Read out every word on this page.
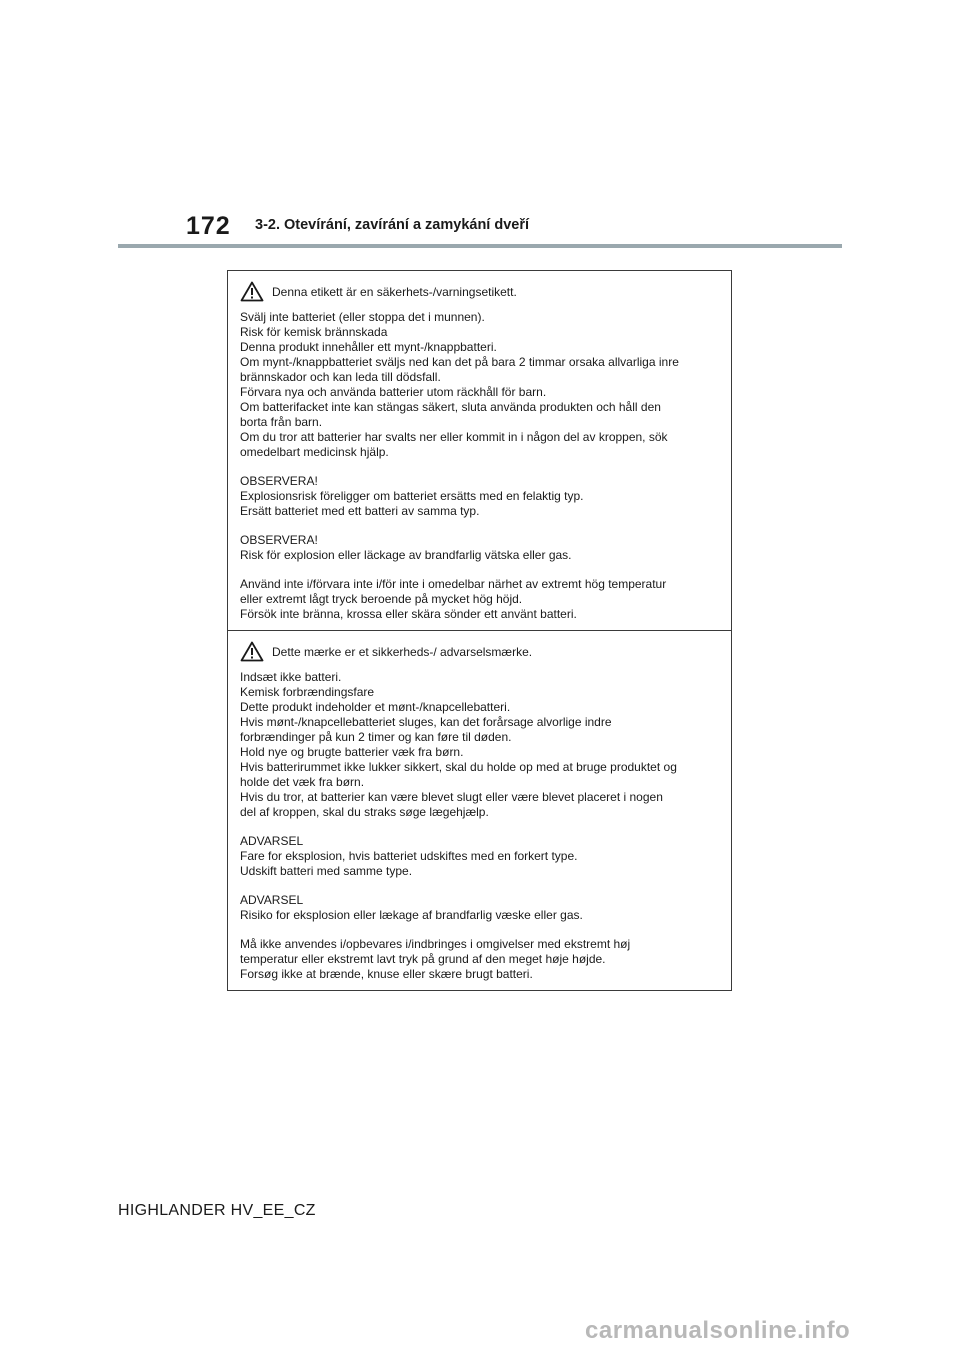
172 3-2. Otevírání, zavírání a zamykání dveří
Denna etikett är en säkerhets-/varningsetikett.
Svälj inte batteriet (eller stoppa det i munnen).
Risk för kemisk brännskada
Denna produkt innehåller ett mynt-/knappbatteri.
Om mynt-/knappbatteriet sväljs ned kan det på bara 2 timmar orsaka allvarliga inre
brännskador och kan leda till dödsfall.
Förvara nya och använda batterier utom räckhåll för barn.
Om batterifacket inte kan stängas säkert, sluta använda produkten och håll den
borta från barn.
Om du tror att batterier har svalts ner eller kommit in i någon del av kroppen, sök
omedelbart medicinsk hjälp.
OBSERVERA!
Explosionsrisk föreligger om batteriet ersätts med en felaktig typ.
Ersätt batteriet med ett batteri av samma typ.
OBSERVERA!
Risk för explosion eller läckage av brandfarlig vätska eller gas.
Använd inte i/förvara inte i/för inte i omedelbar närhet av extremt hög temperatur
eller extremt lågt tryck beroende på mycket hög höjd.
Försök inte bränna, krossa eller skära sönder ett använt batteri.
Dette mærke er et sikkerheds-/ advarselsmærke.
Indsæt ikke batteri.
Kemisk forbrændingsfare
Dette produkt indeholder et mønt-/knapcellebatteri.
Hvis mønt-/knapcellebatteriet sluges, kan det forårsage alvorlige indre
forbrændinger på kun 2 timer og kan føre til døden.
Hold nye og brugte batterier væk fra børn.
Hvis batterirummet ikke lukker sikkert, skal du holde op med at bruge produktet og
holde det væk fra børn.
Hvis du tror, at batterier kan være blevet slugt eller være blevet placeret i nogen
del af kroppen, skal du straks søge lægehjælp.
ADVARSEL
Fare for eksplosion, hvis batteriet udskiftes med en forkert type.
Udskift batteri med samme type.
ADVARSEL
Risiko for eksplosion eller lækage af brandfarlig væske eller gas.
Må ikke anvendes i/opbevares i/indbringes i omgivelser med ekstremt høj
temperatur eller ekstremt lavt tryk på grund af den meget høje højde.
Forsøg ikke at brænde, knuse eller skære brugt batteri.
HIGHLANDER HV_EE_CZ
carmanualsonline.info
